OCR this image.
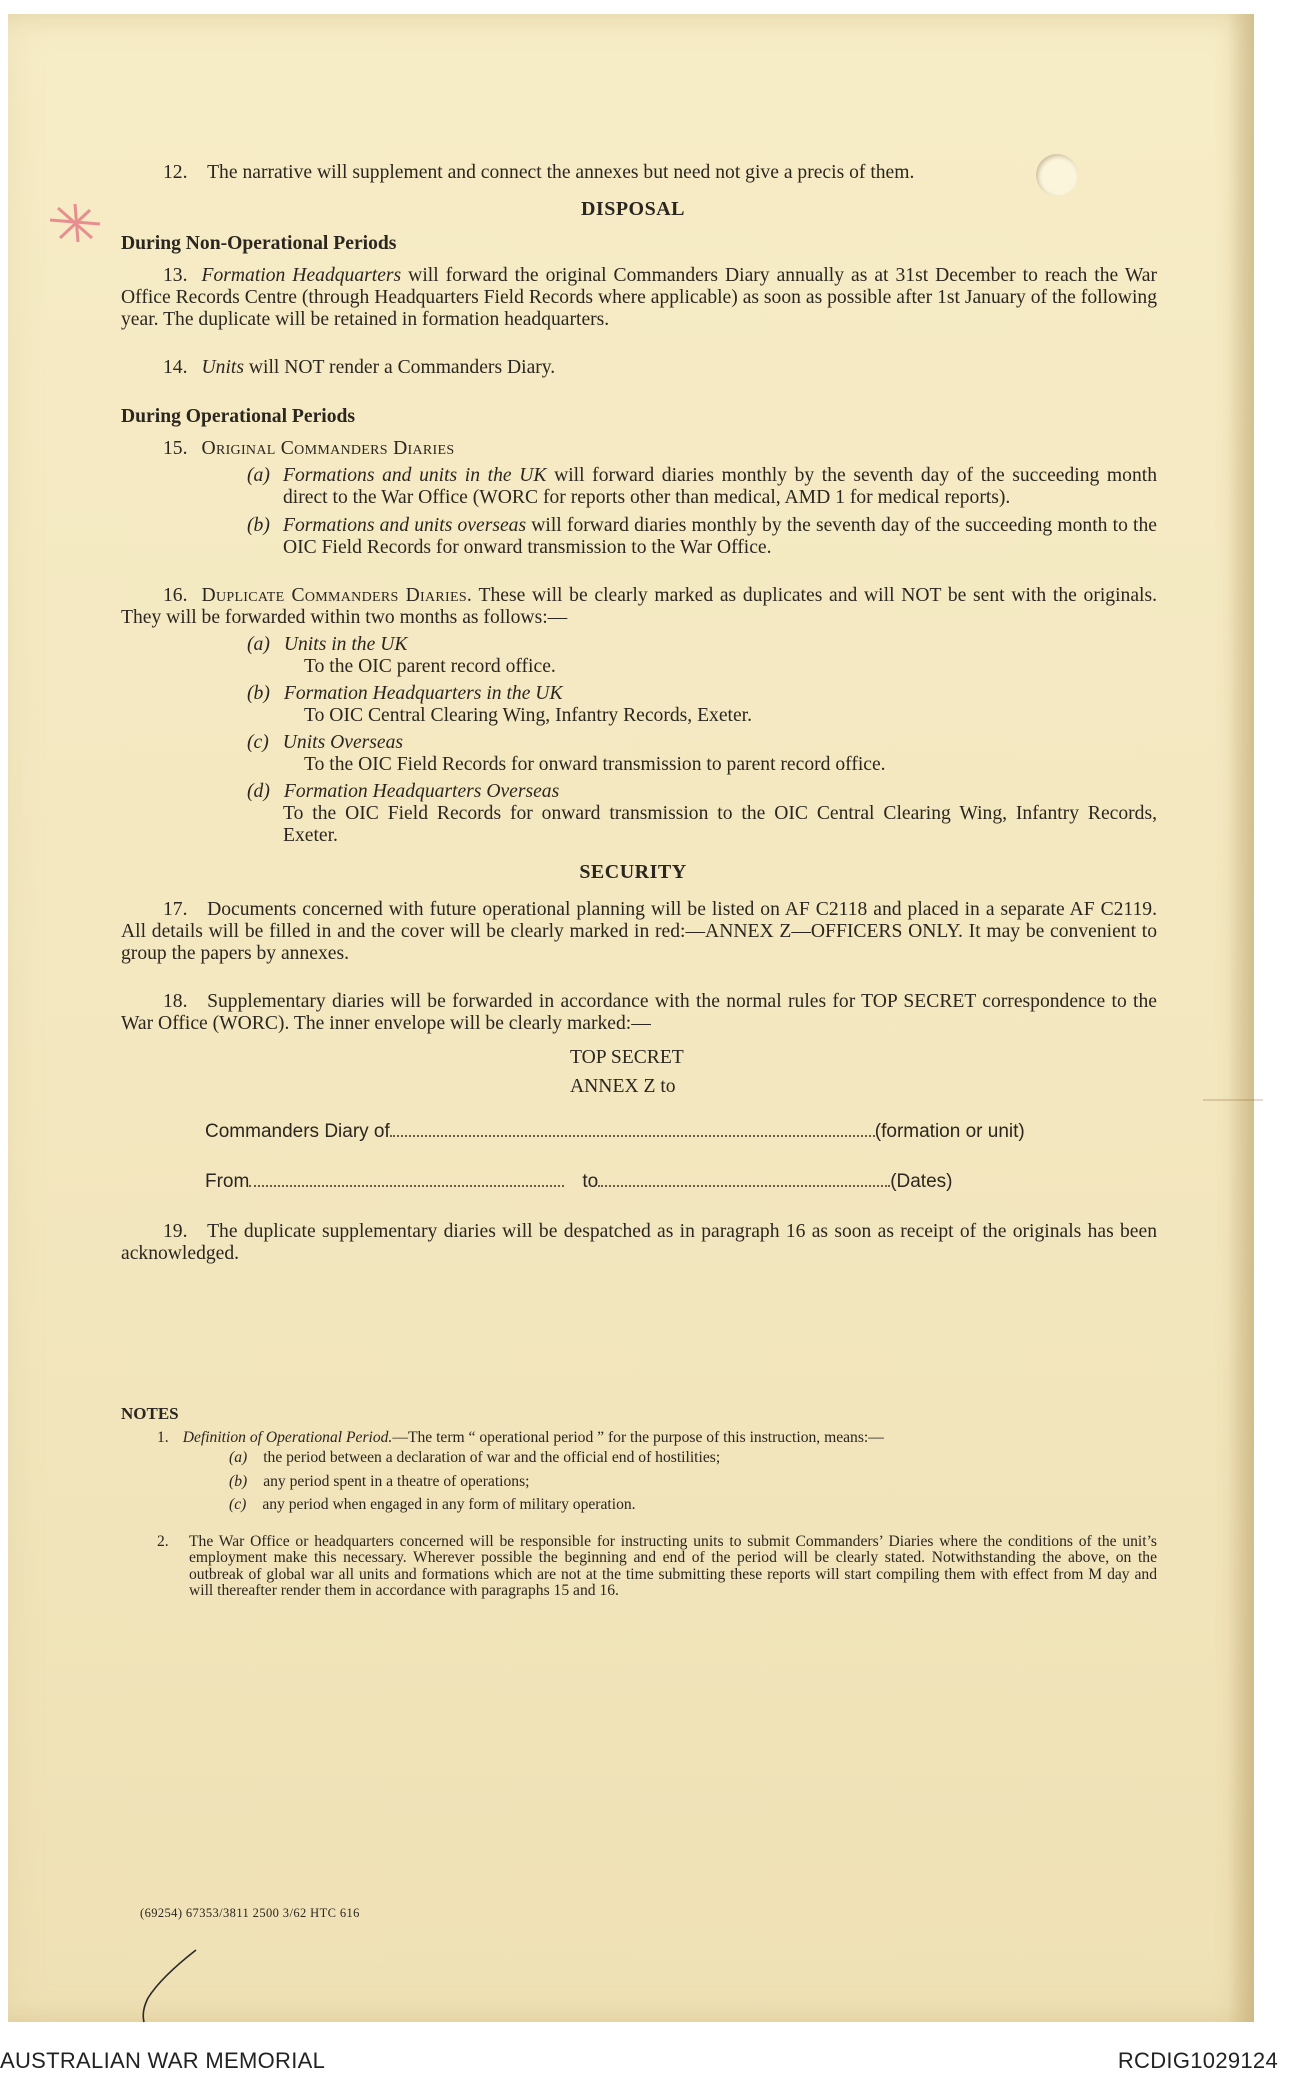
12. The narrative will supplement and connect the annexes but need not give a precis of them.

DISPOSAL
During Non-Operational Periods

13. Formation Headquarters will forward the original Commanders Diary annually as at 31st December to reach the War Office Records Centre (through Headquarters Field Records where applicable) as soon as possible after 1st January of the following year. The duplicate will be retained in formation headquarters.

14. Units will NOT render a Commanders Diary.

During Operational Periods

15. Original Commanders Diaries

(a) Formations and units in the UK will forward diaries monthly by the seventh day of the succeeding month direct to the War Office (WORC for reports other than medical, AMD 1 for medical reports).
(b) Formations and units overseas will forward diaries monthly by the seventh day of the succeeding month to the OIC Field Records for onward transmission to the War Office.

16. Duplicate Commanders Diaries. These will be clearly marked as duplicates and will NOT be sent with the originals. They will be forwarded within two months as follows:—

(a) Units in the UK
To the OIC parent record office.
(b) Formation Headquarters in the UK
To OIC Central Clearing Wing, Infantry Records, Exeter.
(c) Units Overseas
To the OIC Field Records for onward transmission to parent record office.
(d) Formation Headquarters Overseas
To the OIC Field Records for onward transmission to the OIC Central Clearing Wing, Infantry Records, Exeter.
SECURITY

17. Documents concerned with future operational planning will be listed on AF C2118 and placed in a separate AF C2119. All details will be filled in and the cover will be clearly marked in red:—ANNEX Z—OFFICERS ONLY. It may be convenient to group the papers by annexes.

18. Supplementary diaries will be forwarded in accordance with the normal rules for TOP SECRET correspondence to the War Office (WORC). The inner envelope will be clearly marked:—

TOP SECRET
ANNEX Z to
Commanders Diary of	(formation or unit)
From	to	(Dates)

19. The duplicate supplementary diaries will be despatched as in paragraph 16 as soon as receipt of the originals has been acknowledged.

NOTES
1. Definition of Operational Period.—The term “ operational period ” for the purpose of this instruction, means:—
(a) the period between a declaration of war and the official end of hostilities;
(b) any period spent in a theatre of operations;
(c) any period when engaged in any form of military operation.
2. The War Office or headquarters concerned will be responsible for instructing units to submit Commanders’ Diaries where the conditions of the unit’s employment make this necessary. Wherever possible the beginning and end of the period will be clearly stated. Notwithstanding the above, on the outbreak of global war all units and formations which are not at the time submitting these reports will start compiling them with effect from M day and will thereafter render them in accordance with paragraphs 15 and 16.
(69254) 67353/3811 2500 3/62 HTC 616
AUSTRALIAN WAR MEMORIAL	RCDIG1029124
